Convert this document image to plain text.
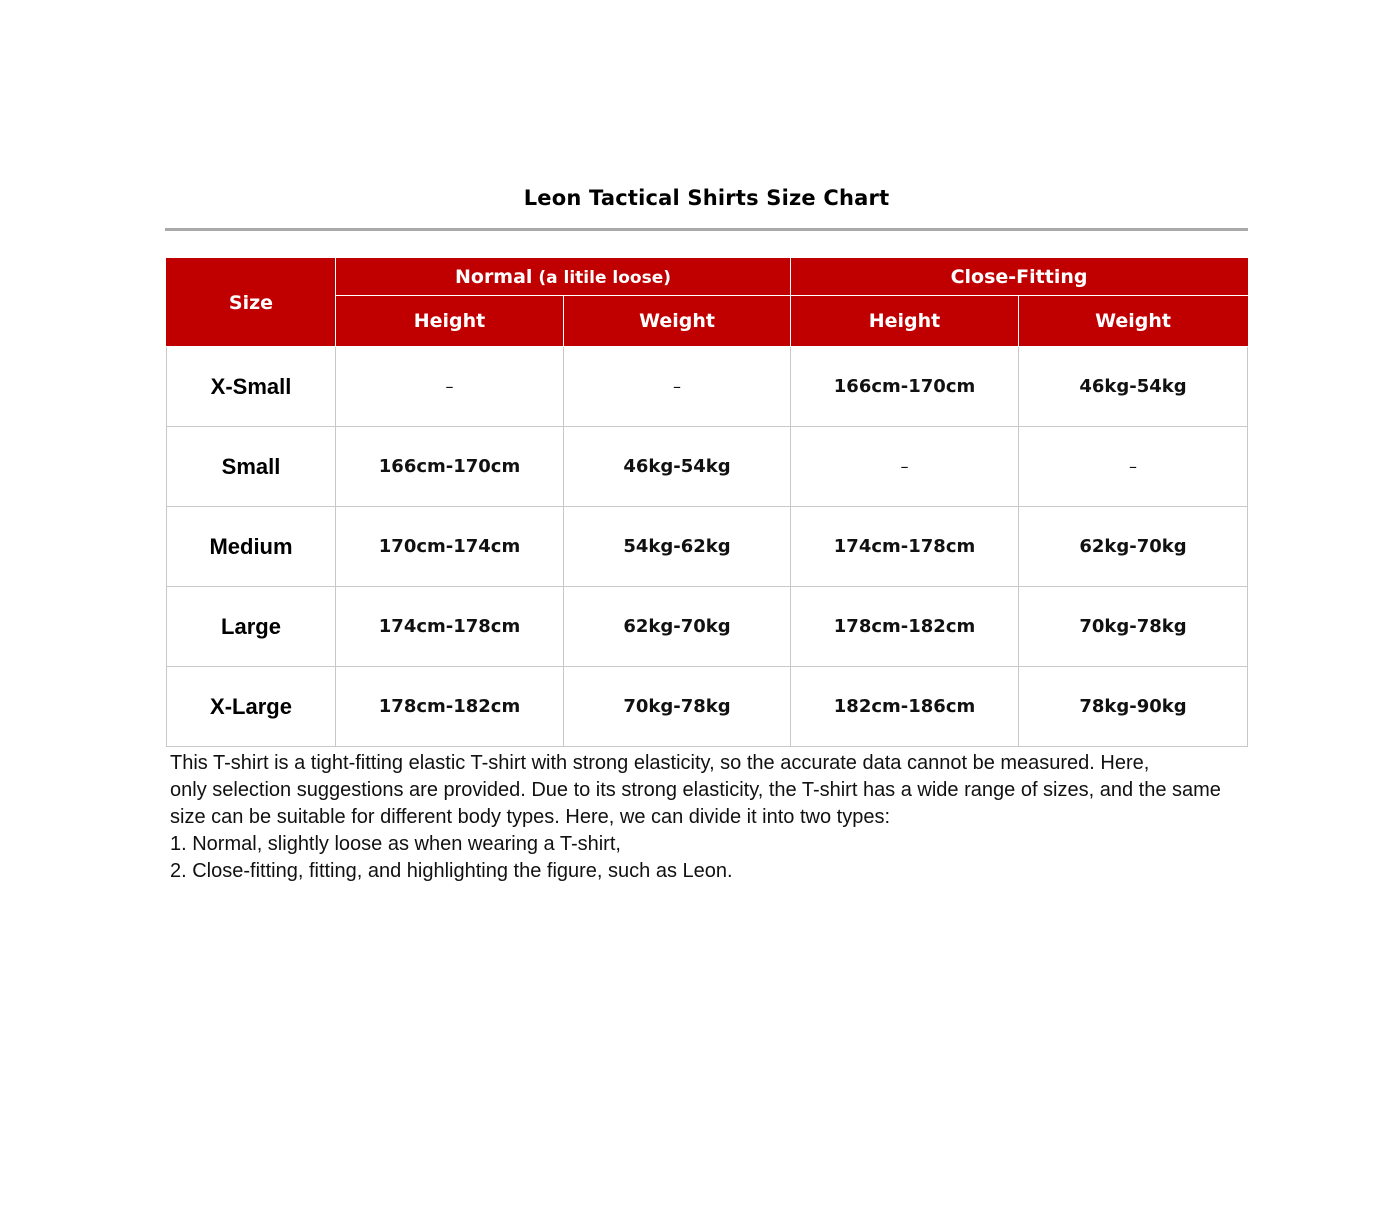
Leon Tactical Shirts Size Chart
Size	Normal (a litile loose)		Close-Fitting	
	Height	Weight	Height	Weight
X-Small	–	–	166cm-170cm	46kg-54kg
Small	166cm-170cm	46kg-54kg	–	–
Medium	170cm-174cm	54kg-62kg	174cm-178cm	62kg-70kg
Large	174cm-178cm	62kg-70kg	178cm-182cm	70kg-78kg
X-Large	178cm-182cm	70kg-78kg	182cm-186cm	78kg-90kg

This T-shirt is a tight-fitting elastic T-shirt with strong elasticity, so the accurate data cannot be measured. Here,

only selection suggestions are provided. Due to its strong elasticity, the T-shirt has a wide range of sizes, and the same

size can be suitable for different body types. Here, we can divide it into two types:

1. Normal, slightly loose as when wearing a T-shirt,

2. Close-fitting, fitting, and highlighting the figure, such as Leon.
